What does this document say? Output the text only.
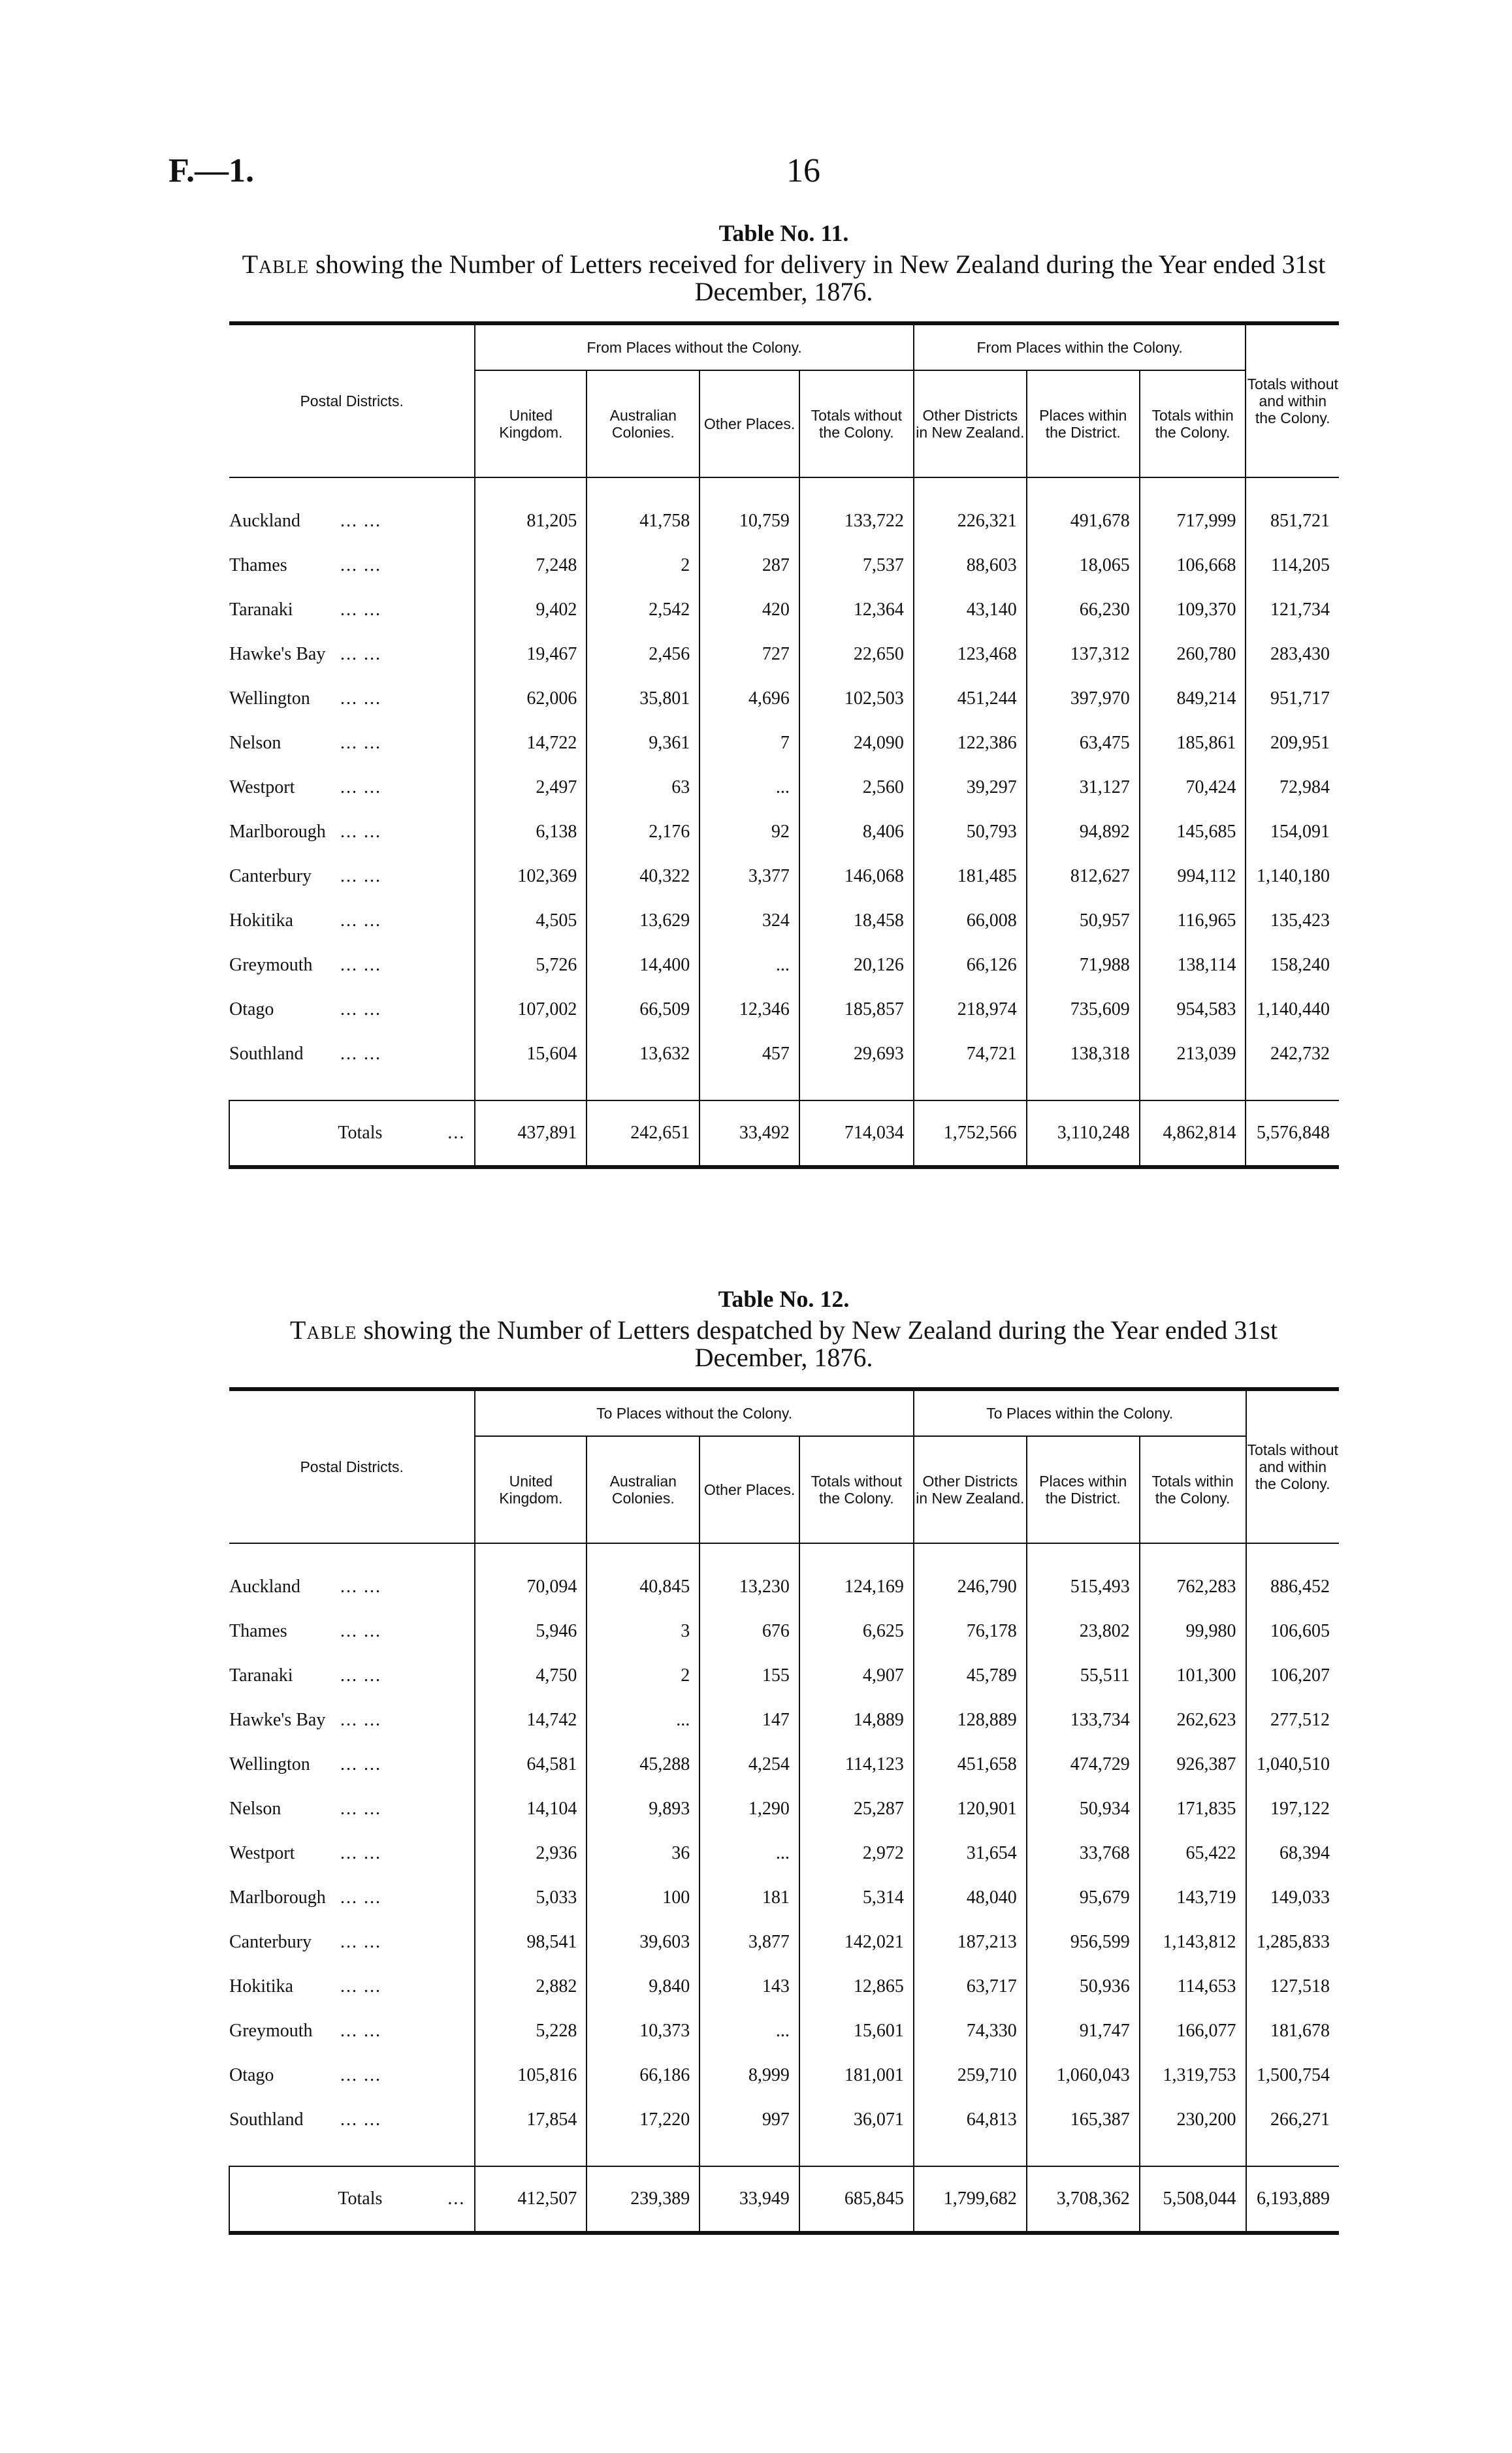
F.—1.	16
Table No. 11.
Table showing the Number of Letters received for delivery in New Zealand during the Year ended 31st December, 1876.
Postal Districts.	From Places without the Colony.				From Places within the Colony.			Totals without and within the Colony.
	United Kingdom.	Australian Colonies.	Other Places.	Totals without the Colony.	Other Districts in New Zealand.	Places within the District.	Totals within the Colony.	

Auckland ... ...	81,205	41,758	10,759	133,722	226,321	491,678	717,999	851,721
Thames ... ...	7,248	2	287	7,537	88,603	18,065	106,668	114,205
Taranaki ... ...	9,402	2,542	420	12,364	43,140	66,230	109,370	121,734
Hawke's Bay ... ...	19,467	2,456	727	22,650	123,468	137,312	260,780	283,430
Wellington ... ...	62,006	35,801	4,696	102,503	451,244	397,970	849,214	951,717
Nelson ... ...	14,722	9,361	7	24,090	122,386	63,475	185,861	209,951
Westport ... ...	2,497	63	...	2,560	39,297	31,127	70,424	72,984
Marlborough ... ...	6,138	2,176	92	8,406	50,793	94,892	145,685	154,091
Canterbury ... ...	102,369	40,322	3,377	146,068	181,485	812,627	994,112	1,140,180
Hokitika ... ...	4,505	13,629	324	18,458	66,008	50,957	116,965	135,423
Greymouth ... ...	5,726	14,400	...	20,126	66,126	71,988	138,114	158,240
Otago ... ...	107,002	66,509	12,346	185,857	218,974	735,609	954,583	1,140,440
Southland ... ...	15,604	13,632	457	29,693	74,721	138,318	213,039	242,732

Totals ...	437,891	242,651	33,492	714,034	1,752,566	3,110,248	4,862,814	5,576,848
Table No. 12.
Table showing the Number of Letters despatched by New Zealand during the Year ended 31st December, 1876.
Postal Districts.	To Places without the Colony.				To Places within the Colony.			Totals without and within the Colony.
	United Kingdom.	Australian Colonies.	Other Places.	Totals without the Colony.	Other Districts in New Zealand.	Places within the District.	Totals within the Colony.	

Auckland ... ...	70,094	40,845	13,230	124,169	246,790	515,493	762,283	886,452
Thames ... ...	5,946	3	676	6,625	76,178	23,802	99,980	106,605
Taranaki ... ...	4,750	2	155	4,907	45,789	55,511	101,300	106,207
Hawke's Bay ... ...	14,742	...	147	14,889	128,889	133,734	262,623	277,512
Wellington ... ...	64,581	45,288	4,254	114,123	451,658	474,729	926,387	1,040,510
Nelson ... ...	14,104	9,893	1,290	25,287	120,901	50,934	171,835	197,122
Westport ... ...	2,936	36	...	2,972	31,654	33,768	65,422	68,394
Marlborough ... ...	5,033	100	181	5,314	48,040	95,679	143,719	149,033
Canterbury ... ...	98,541	39,603	3,877	142,021	187,213	956,599	1,143,812	1,285,833
Hokitika ... ...	2,882	9,840	143	12,865	63,717	50,936	114,653	127,518
Greymouth ... ...	5,228	10,373	...	15,601	74,330	91,747	166,077	181,678
Otago ... ...	105,816	66,186	8,999	181,001	259,710	1,060,043	1,319,753	1,500,754
Southland ... ...	17,854	17,220	997	36,071	64,813	165,387	230,200	266,271

Totals ...	412,507	239,389	33,949	685,845	1,799,682	3,708,362	5,508,044	6,193,889
